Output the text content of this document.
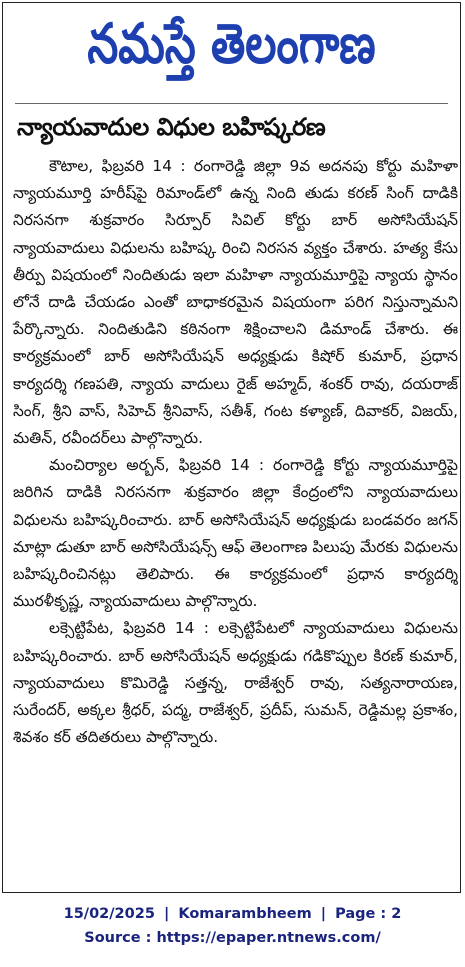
నమస్తే తెలంగాణ
న్యాయవాదుల విధుల బహిష్కరణ

కౌటాల, ఫిబ్రవరి 14 : రంగారెడ్డి జిల్లా 9వ అదనపు కోర్టు మహిళా న్యాయమూర్తి హరీష్‌పై రిమాండ్‌లో ఉన్న నింది తుడు కరణ్ సింగ్ దాడికి నిరసనగా శుక్రవారం సిర్పూర్ సివిల్ కోర్టు బార్ అసోసియేషన్ న్యాయవాదులు విధులను బహిష్క రించి నిరసన వ్యక్తం చేశారు. హత్య కేసు తీర్పు విషయంలో నిందితుడు ఇలా మహిళా న్యాయమూర్తిపై న్యాయ స్థానం లోనే దాడి చేయడం ఎంతో బాధాకరమైన విషయంగా పరిగ నిస్తున్నామని పేర్కొన్నారు. నిందితుడిని కఠినంగా శిక్షించాలని డిమాండ్ చేశారు. ఈ కార్యక్రమంలో బార్ అసోసియేషన్ అధ్యక్షుడు కిషోర్ కుమార్, ప్రధాన కార్యదర్శి గణపతి, న్యాయ వాదులు రైజ్ అహ్మద్, శంకర్ రావు, దయరాజ్ సింగ్, శ్రీని వాస్, సిహెచ్ శ్రీనివాస్, సతీశ్, గంట కళ్యాణ్, దివాకర్, విజయ్, మతిన్, రవీందర్‌లు పాల్గొన్నారు.

మంచిర్యాల అర్బన్, ఫిబ్రవరి 14 : రంగారెడ్డి కోర్టు న్యాయమూర్తిపై జరిగిన దాడికి నిరసనగా శుక్రవారం జిల్లా కేంద్రంలోని న్యాయవాదులు విధులను బహిష్కరించారు. బార్ అసోసియేషన్ అధ్యక్షుడు బండవరం జగన్ మాట్లా డుతూ బార్ అసోసియేషన్స్ ఆఫ్ తెలంగాణ పిలుపు మేరకు విధులను బహిష్కరించినట్లు తెలిపారు. ఈ కార్యక్రమంలో ప్రధాన కార్యదర్శి మురళీకృష్ణ, న్యాయవాదులు పాల్గొన్నారు.

లక్సెట్టిపేట, ఫిబ్రవరి 14 : లక్సెట్టిపేటలో న్యాయవాదులు విధులను బహిష్కరించారు. బార్ అసోసియేషన్ అధ్యక్షుడు గడికొప్పుల కిరణ్ కుమార్, న్యాయవాదులు కొమిరెడ్డి సత్తన్న, రాజేశ్వర్ రావు, సత్యనారాయణ, సురేందర్, అక్కల శ్రీధర్, పద్మ, రాజేశ్వర్, ప్రదీప్, సుమన్, రెడ్డిమల్ల ప్రకాశం, శివశం కర్ తదితరులు పాల్గొన్నారు.

15/02/2025 | Komarambheem | Page : 2
Source : https://epaper.ntnews.com/
